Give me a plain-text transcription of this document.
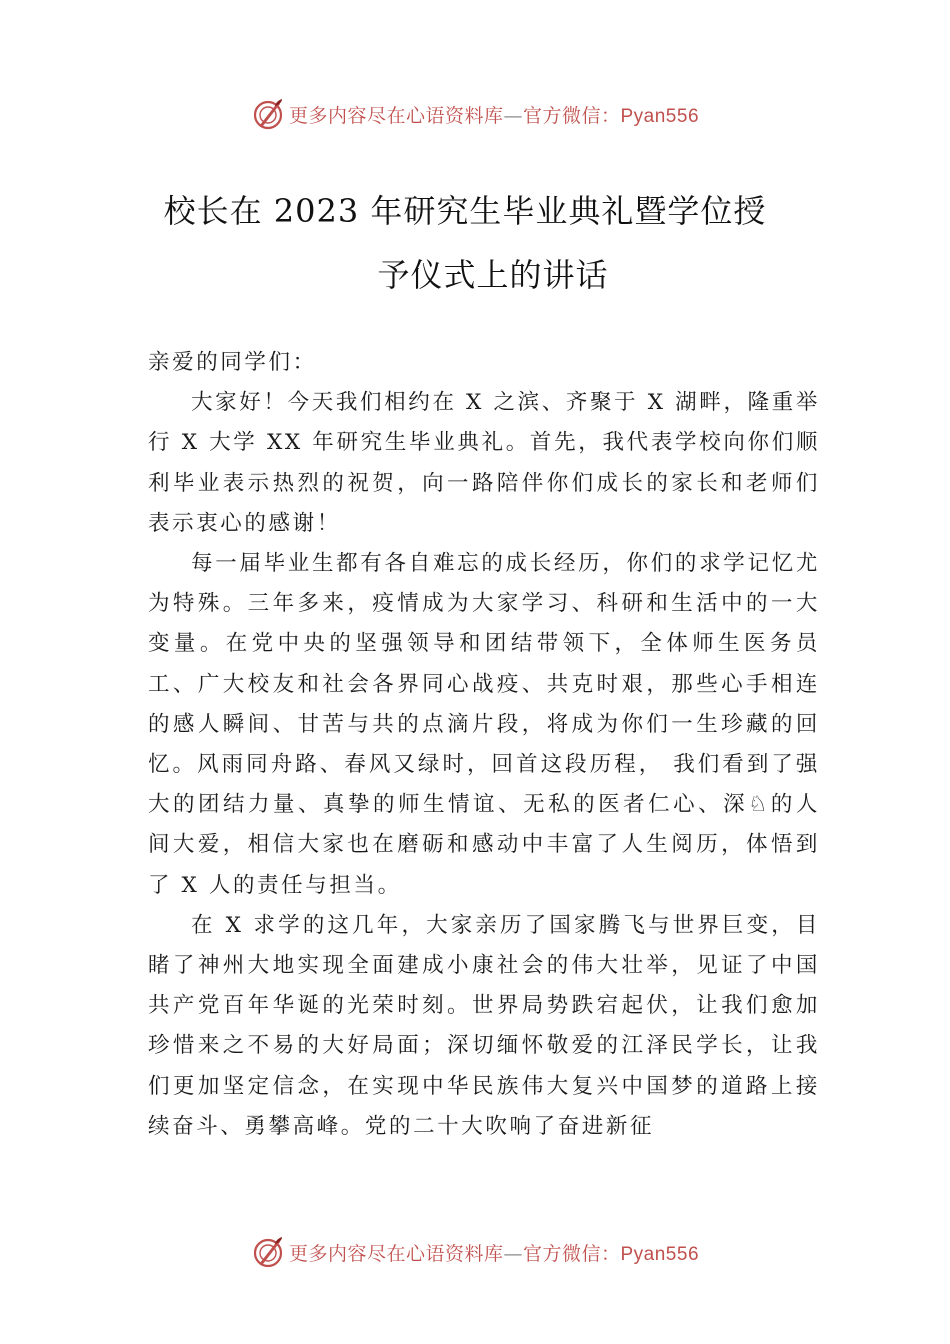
更多内容尽在心语资料库—官方微信：Pyan556
校长在 2023 年研究生毕业典礼暨学位授
予仪式上的讲话

亲爱的同学们：

大家好！今天我们相约在 X 之滨、齐聚于 X 湖畔，隆重举行 X 大学 XX 年研究生毕业典礼。首先，我代表学校向你们顺利毕业表示热烈的祝贺，向一路陪伴你们成长的家长和老师们表示衷心的感谢！

每一届毕业生都有各自难忘的成长经历，你们的求学记忆尤为特殊。三年多来，疫情成为大家学习、科研和生活中的一大变量。在党中央的坚强领导和团结带领下，全体师生医务员工、广大校友和社会各界同心战疫、共克时艰，那些心手相连的感人瞬间、甘苦与共的点滴片段，将成为你们一生珍藏的回忆。风雨同舟路、春风又绿时，回首这段历程， 我们看到了强大的团结力量、真挚的师生情谊、无私的医者仁心、深♘的人间大爱，相信大家也在磨砺和感动中丰富了人生阅历，体悟到了 X 人的责任与担当。

在 X 求学的这几年，大家亲历了国家腾飞与世界巨变，目睹了神州大地实现全面建成小康社会的伟大壮举，见证了中国共产党百年华诞的光荣时刻。世界局势跌宕起伏，让我们愈加珍惜来之不易的大好局面；深切缅怀敬爱的江泽民学长，让我们更加坚定信念，在实现中华民族伟大复兴中国梦的道路上接续奋斗、勇攀高峰。党的二十大吹响了奋进新征

更多内容尽在心语资料库—官方微信：Pyan556
